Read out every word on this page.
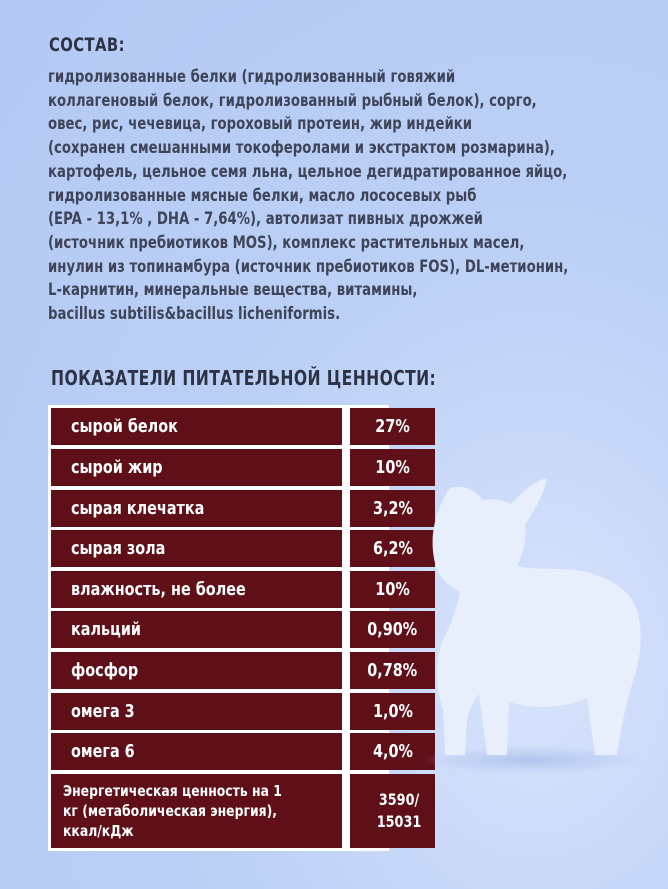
СОСТАВ:
гидролизованные белки (гидролизованный говяжий
коллагеновый белок, гидролизованный рыбный белок), сорго,
овес, рис, чечевица, гороховый протеин, жир индейки
(сохранен смешанными токоферолами и экстрактом розмарина),
картофель, цельное семя льна, цельное дегидратированное яйцо,
гидролизованные мясные белки, масло лососевых рыб
(EPA - 13,1% , DHA - 7,64%), автолизат пивных дрожжей
(источник пребиотиков MOS), комплекс растительных масел,
инулин из топинамбура (источник пребиотиков FOS), DL-метионин,
L-карнитин, минеральные вещества, витамины,
bacillus subtilis&bacillus licheniformis.
ПОКАЗАТЕЛИ ПИТАТЕЛЬНОЙ ЦЕННОСТИ:
сырой белок	27%
сырой жир	10%
сырая клечатка	3,2%
сырая зола	6,2%
влажность, не более	10%
кальций	0,90%
фосфор	0,78%
омега 3	1,0%
омега 6	4,0%
Энергетическая ценность на 1 кг (метаболическая энергия), ккал/кДж
3590/ 15031
